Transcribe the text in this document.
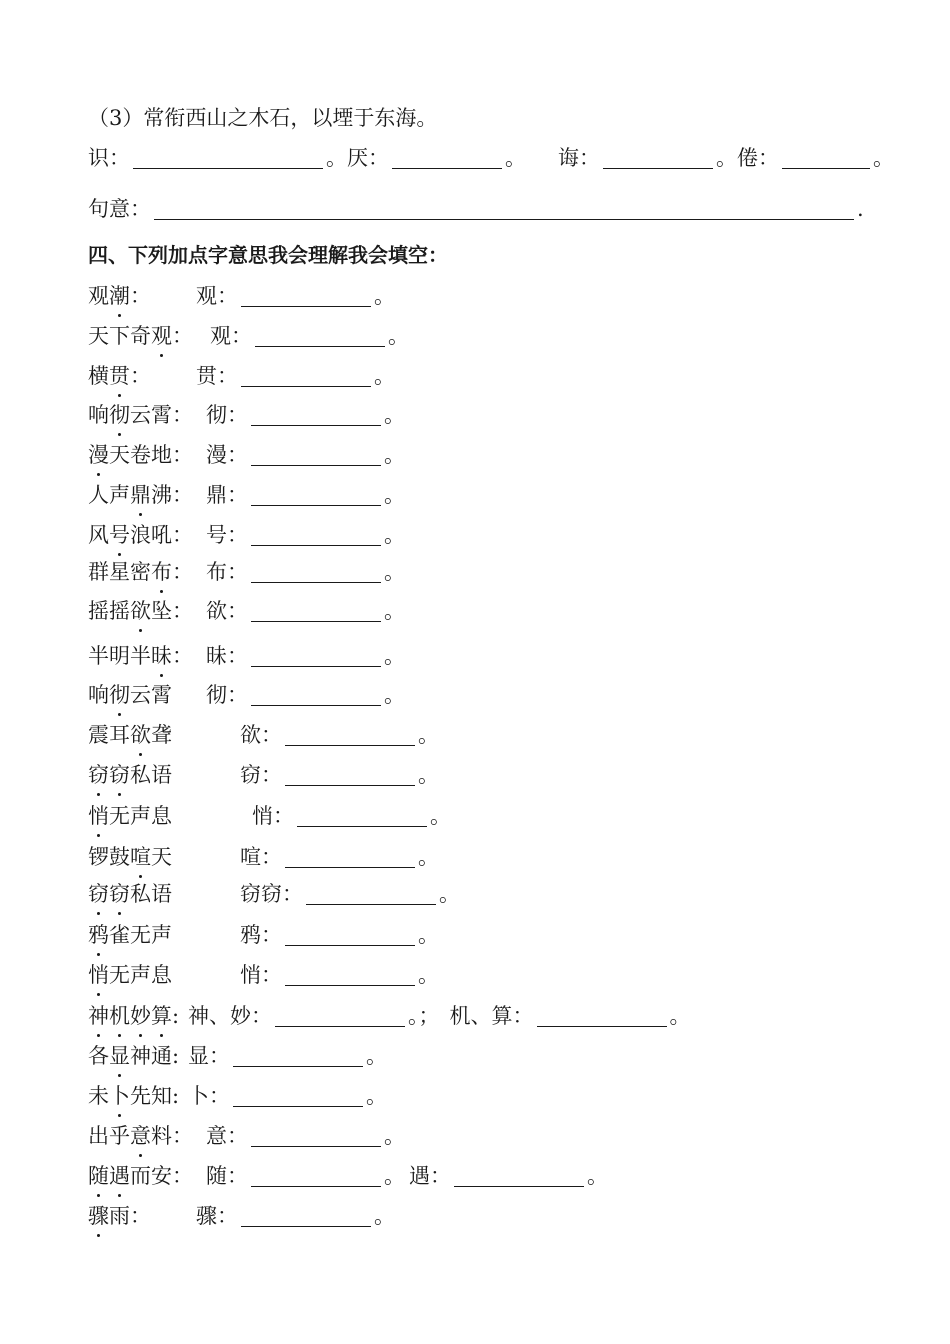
（3）常衔西山之木石，以堙于东海。
识：	。厌：	。 诲：	。倦：	。
句意：	.
四、下列加点字意思我会理解我会填空：
观潮：	观：	。
天下奇观： 观：	。
横贯：	贯：	。
响彻云霄： 彻：	。
漫天卷地： 漫：	。
人声鼎沸： 鼎：	。
风号浪吼： 号：	。
群星密布： 布：	。
摇摇欲坠： 欲：	。
半明半昧： 昧：	。
响彻云霄	彻：	。
震耳欲聋	欲：	。
窃窃私语	窃：	。
悄无声息	悄：	。
锣鼓喧天	喧：	。
窃窃私语	窃窃：	。
鸦雀无声	鸦：	。
悄无声息	悄：	。
神机妙算: 神、妙：	。； 机、算：	。
各显神通: 显：	。
未卜先知: 卜：	。
出乎意料： 意：	。
随遇而安： 随：	。 遇：	。
骤雨：	骤：	。
